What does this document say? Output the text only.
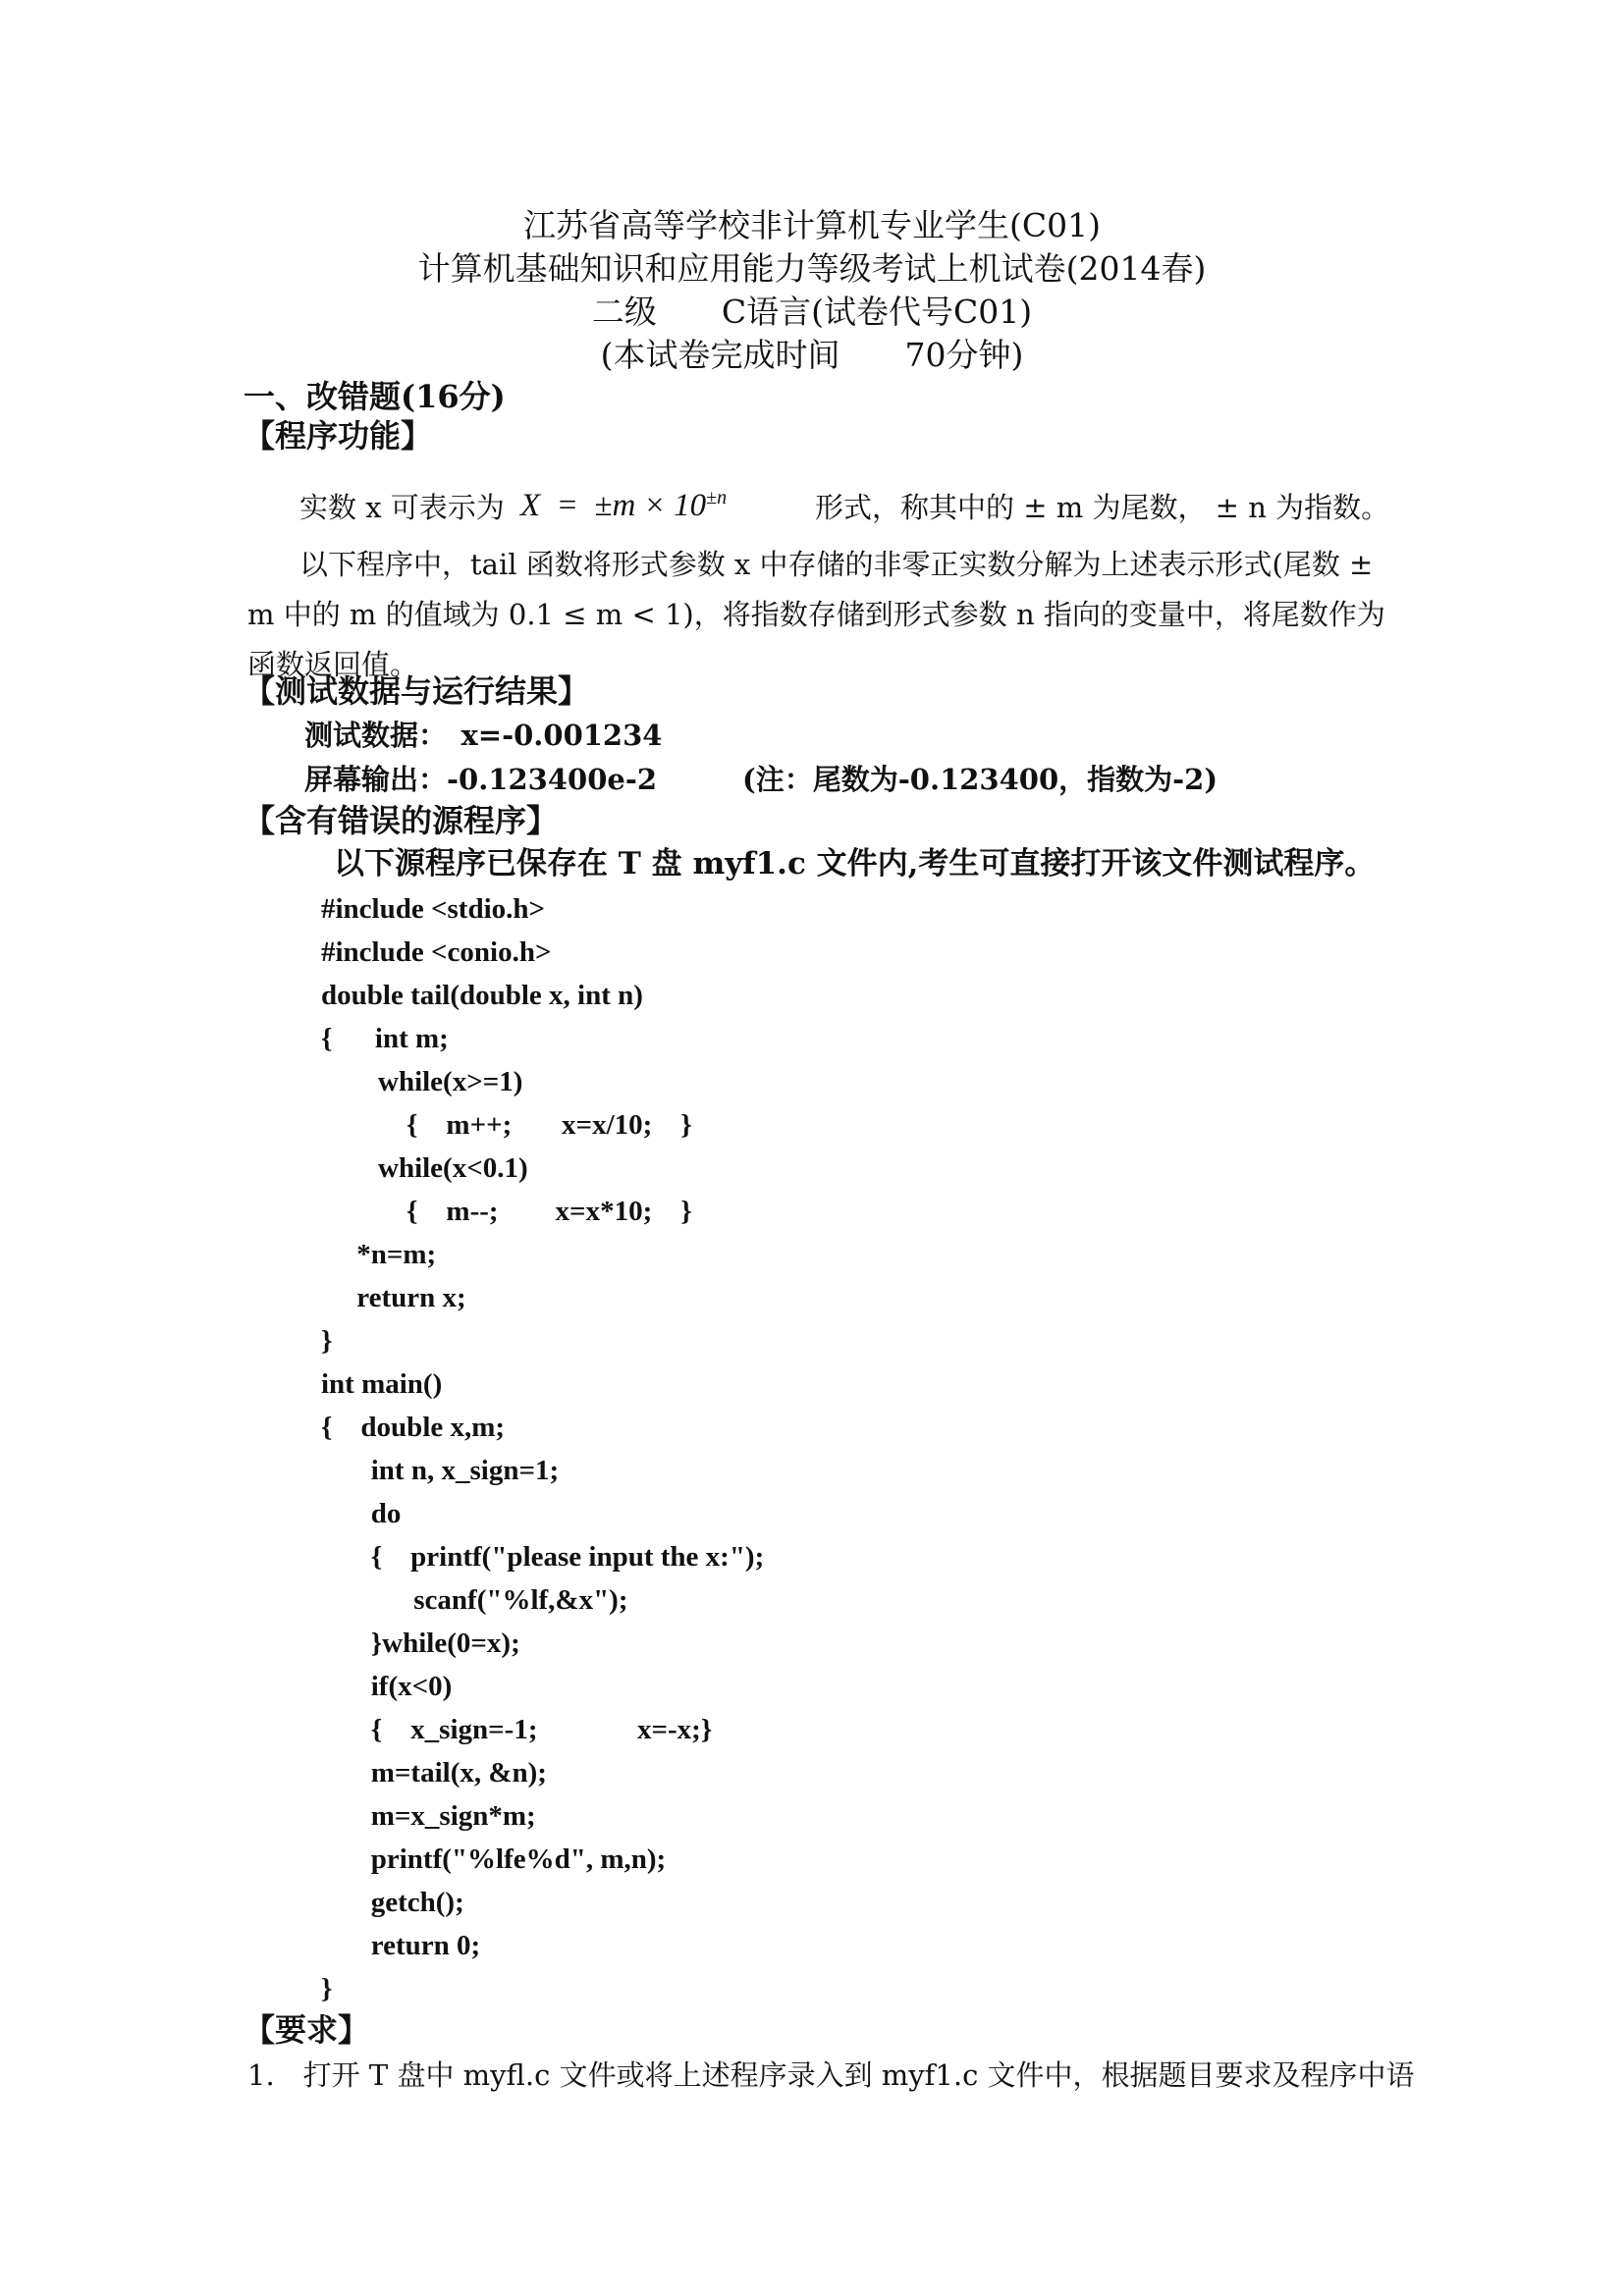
江苏省高等学校非计算机专业学生(C01)
计算机基础知识和应用能力等级考试上机试卷(2014春)
二级　　C语言(试卷代号C01)
(本试卷完成时间　　70分钟)
一、改错题(16分)
【程序功能】
实数 x 可表示为 $X = \pm m \times 10^{\pm n}$	形式，称其中的 ± m 为尾数， ± n 为指数。
以下程序中，tail 函数将形式参数 x 中存储的非零正实数分解为上述表示形式(尾数 ± m 中的 m 的值域为 0.1 ≤ m < 1)，将指数存储到形式参数 n 指向的变量中，将尾数作为函数返回值。
【测试数据与运行结果】
测试数据：　x=-0.001234
屏幕输出：-0.123400e-2　　　(注：尾数为-0.123400，指数为-2)
【含有错误的源程序】
以下源程序已保存在 T 盘 myf1.c 文件内,考生可直接打开该文件测试程序。
#include <stdio.h>
#include <conio.h>
double tail(double x, int n)
{      int m;
while(x>=1)
{    m++;       x=x/10;    }
while(x<0.1)
{    m--;        x=x*10;    }
*n=m;
return x;
}
int main()
{    double x,m;
int n, x_sign=1;
do
{    printf("please input the x:");
scanf("%lf,&x");
}while(0=x);
if(x<0)
{    x_sign=-1;              x=-x;}
m=tail(x, &n);
m=x_sign*m;
printf("%lfe%d", m,n);
getch();
return 0;
}
【要求】
1.　打开 T 盘中 myfl.c 文件或将上述程序录入到 myf1.c 文件中，根据题目要求及程序中语
